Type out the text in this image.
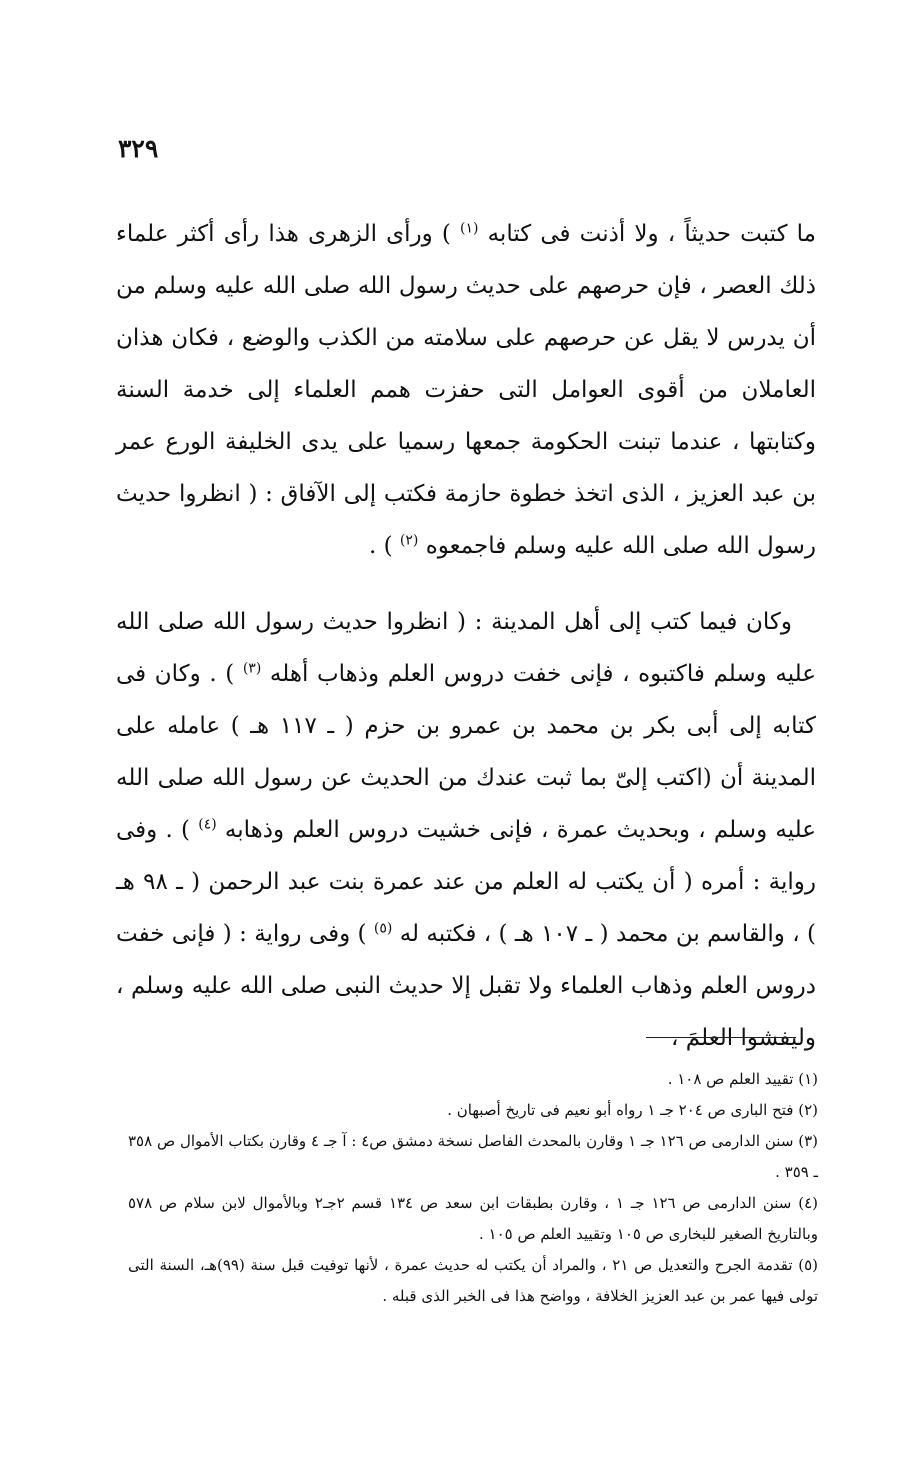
٣٢٩

ما كتبت حديثاً ، ولا أذنت فى كتابه $^{(١)}$ ) ورأى الزهرى هذا رأى أكثر علماء ذلك العصر ، فإن حرصهم على حديث رسول الله صلى الله عليه وسلم من أن يدرس لا يقل عن حرصهم على سلامته من الكذب والوضع ، فكان هذان العاملان من أقوى العوامل التى حفزت همم العلماء إلى خدمة السنة وكتابتها ، عندما تبنت الحكومة جمعها رسميا على يدى الخليفة الورع عمر بن عبد العزيز ، الذى اتخذ خطوة حازمة فكتب إلى الآفاق : ( انظروا حديث رسول الله صلى الله عليه وسلم فاجمعوه $^{(٢)}$ ) .

وكان فيما كتب إلى أهل المدينة : ( انظروا حديث رسول الله صلى الله عليه وسلم فاكتبوه ، فإنى خفت دروس العلم وذهاب أهله $^{(٣)}$ ) . وكان فى كتابه إلى أبى بكر بن محمد بن عمرو بن حزم ( ـ ١١٧ هـ ) عامله على المدينة أن (اكتب إلىّ بما ثبت عندك من الحديث عن رسول الله صلى الله عليه وسلم ، وبحديث عمرة ، فإنى خشيت دروس العلم وذهابه $^{(٤)}$ ) . وفى رواية : أمره ( أن يكتب له العلم من عند عمرة بنت عبد الرحمن ( ـ ٩٨ هـ ) ، والقاسم بن محمد ( ـ ١٠٧ هـ ) ، فكتبه له $^{(٥)}$ ) وفى رواية : ( فإنى خفت دروس العلم وذهاب العلماء ولا تقبل إلا حديث النبى صلى الله عليه وسلم ، وليفشوا العلمَ ،

(١) تقييد العلم ص ١٠٨ .

(٢) فتح البارى ص ٢٠٤ جـ ١ رواه أبو نعيم فى تاريخ أصبهان .

(٣) سنن الدارمى ص ١٢٦ جـ ١ وقارن بالمحدث الفاصل نسخة دمشق ص٤ : آ جـ ٤ وقارن بكتاب الأموال ص ٣٥٨ ـ ٣٥٩ .

(٤) سنن الدارمى ص ١٢٦ جـ ١ ، وقارن بطبقات ابن سعد ص ١٣٤ قسم ٢جـ٢ وبالأموال لابن سلام ص ٥٧٨ وبالتاريخ الصغير للبخارى ص ١٠٥ وتقييد العلم ص ١٠٥ .

(٥) تقدمة الجرح والتعديل ص ٢١ ، والمراد أن يكتب له حديث عمرة ، لأنها توفيت قبل سنة (٩٩)هـ، السنة التى تولى فيها عمر بن عبد العزيز الخلافة ، وواضح هذا فى الخبر الذى قبله .
